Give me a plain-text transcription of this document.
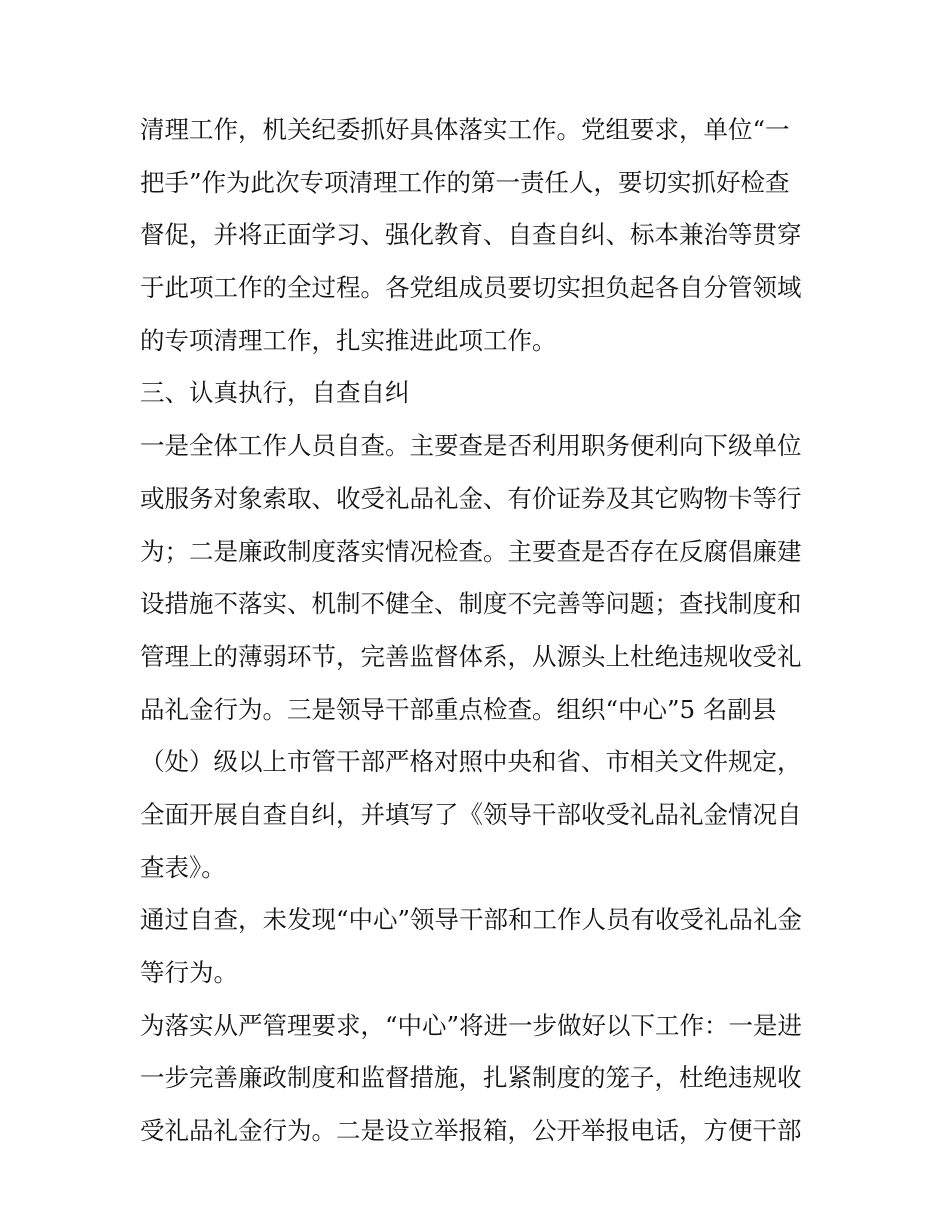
清理工作，机关纪委抓好具体落实工作。党组要求，单位“一

把手”作为此次专项清理工作的第一责任人，要切实抓好检查

督促，并将正面学习、强化教育、自查自纠、标本兼治等贯穿

于此项工作的全过程。各党组成员要切实担负起各自分管领域

的专项清理工作，扎实推进此项工作。

三、认真执行，自查自纠

一是全体工作人员自查。主要查是否利用职务便利向下级单位

或服务对象索取、收受礼品礼金、有价证券及其它购物卡等行

为；二是廉政制度落实情况检查。主要查是否存在反腐倡廉建

设措施不落实、机制不健全、制度不完善等问题；查找制度和

管理上的薄弱环节，完善监督体系，从源头上杜绝违规收受礼

品礼金行为。三是领导干部重点检查。组织“中心”5 名副县

（处）级以上市管干部严格对照中央和省、市相关文件规定，

全面开展自查自纠，并填写了《领导干部收受礼品礼金情况自

查表》。

通过自查，未发现“中心”领导干部和工作人员有收受礼品礼金

等行为。

为落实从严管理要求，“中心”将进一步做好以下工作：一是进

一步完善廉政制度和监督措施，扎紧制度的笼子，杜绝违规收

受礼品礼金行为。二是设立举报箱，公开举报电话，方便干部
